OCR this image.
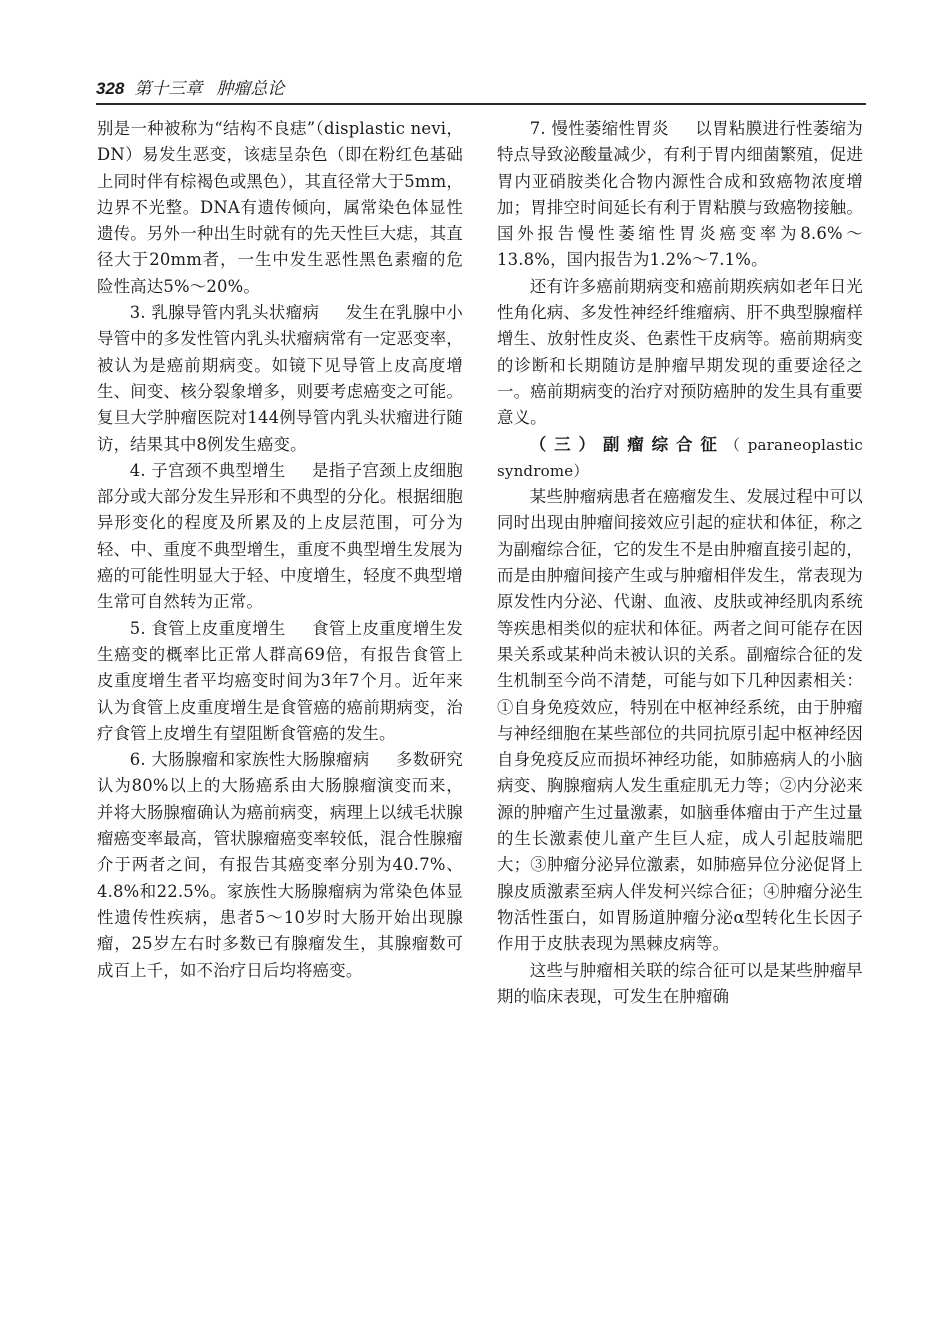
328 第十三章 肿瘤总论

别是一种被称为“结构不良痣”（displastic nevi，DN）易发生恶变，该痣呈杂色（即在粉红色基础上同时伴有棕褐色或黑色），其直径常大于5mm，边界不光整。DNA有遗传倾向，属常染色体显性遗传。另外一种出生时就有的先天性巨大痣，其直径大于20mm者，一生中发生恶性黑色素瘤的危险性高达5%～20%。

3. 乳腺导管内乳头状瘤病 发生在乳腺中小导管中的多发性管内乳头状瘤病常有一定恶变率，被认为是癌前期病变。如镜下见导管上皮高度增生、间变、核分裂象增多，则要考虑癌变之可能。复旦大学肿瘤医院对144例导管内乳头状瘤进行随访，结果其中8例发生癌变。

4. 子宫颈不典型增生 是指子宫颈上皮细胞部分或大部分发生异形和不典型的分化。根据细胞异形变化的程度及所累及的上皮层范围，可分为轻、中、重度不典型增生，重度不典型增生发展为癌的可能性明显大于轻、中度增生，轻度不典型增生常可自然转为正常。

5. 食管上皮重度增生 食管上皮重度增生发生癌变的概率比正常人群高69倍，有报告食管上皮重度增生者平均癌变时间为3年7个月。近年来认为食管上皮重度增生是食管癌的癌前期病变，治疗食管上皮增生有望阻断食管癌的发生。

6. 大肠腺瘤和家族性大肠腺瘤病 多数研究认为80%以上的大肠癌系由大肠腺瘤演变而来，并将大肠腺瘤确认为癌前病变，病理上以绒毛状腺瘤癌变率最高，管状腺瘤癌变率较低，混合性腺瘤介于两者之间，有报告其癌变率分别为40.7%、4.8%和22.5%。家族性大肠腺瘤病为常染色体显性遗传性疾病，患者5～10岁时大肠开始出现腺瘤，25岁左右时多数已有腺瘤发生，其腺瘤数可成百上千，如不治疗日后均将癌变。

7. 慢性萎缩性胃炎 以胃粘膜进行性萎缩为特点导致泌酸量减少，有利于胃内细菌繁殖，促进胃内亚硝胺类化合物内源性合成和致癌物浓度增加；胃排空时间延长有利于胃粘膜与致癌物接触。国外报告慢性萎缩性胃炎癌变率为8.6%～13.8%，国内报告为1.2%～7.1%。

还有许多癌前期病变和癌前期疾病如老年日光性角化病、多发性神经纤维瘤病、肝不典型腺瘤样增生、放射性皮炎、色素性干皮病等。癌前期病变的诊断和长期随访是肿瘤早期发现的重要途径之一。癌前期病变的治疗对预防癌肿的发生具有重要意义。

（三）副瘤综合征（paraneoplastic syndrome）

某些肿瘤病患者在癌瘤发生、发展过程中可以同时出现由肿瘤间接效应引起的症状和体征，称之为副瘤综合征，它的发生不是由肿瘤直接引起的，而是由肿瘤间接产生或与肿瘤相伴发生，常表现为原发性内分泌、代谢、血液、皮肤或神经肌肉系统等疾患相类似的症状和体征。两者之间可能存在因果关系或某种尚未被认识的关系。副瘤综合征的发生机制至今尚不清楚，可能与如下几种因素相关：①自身免疫效应，特别在中枢神经系统，由于肿瘤与神经细胞在某些部位的共同抗原引起中枢神经因自身免疫反应而损坏神经功能，如肺癌病人的小脑病变、胸腺瘤病人发生重症肌无力等；②内分泌来源的肿瘤产生过量激素，如脑垂体瘤由于产生过量的生长激素使儿童产生巨人症，成人引起肢端肥大；③肿瘤分泌异位激素，如肺癌异位分泌促肾上腺皮质激素至病人伴发柯兴综合征；④肿瘤分泌生物活性蛋白，如胃肠道肿瘤分泌α型转化生长因子作用于皮肤表现为黑棘皮病等。

这些与肿瘤相关联的综合征可以是某些肿瘤早期的临床表现，可发生在肿瘤确
